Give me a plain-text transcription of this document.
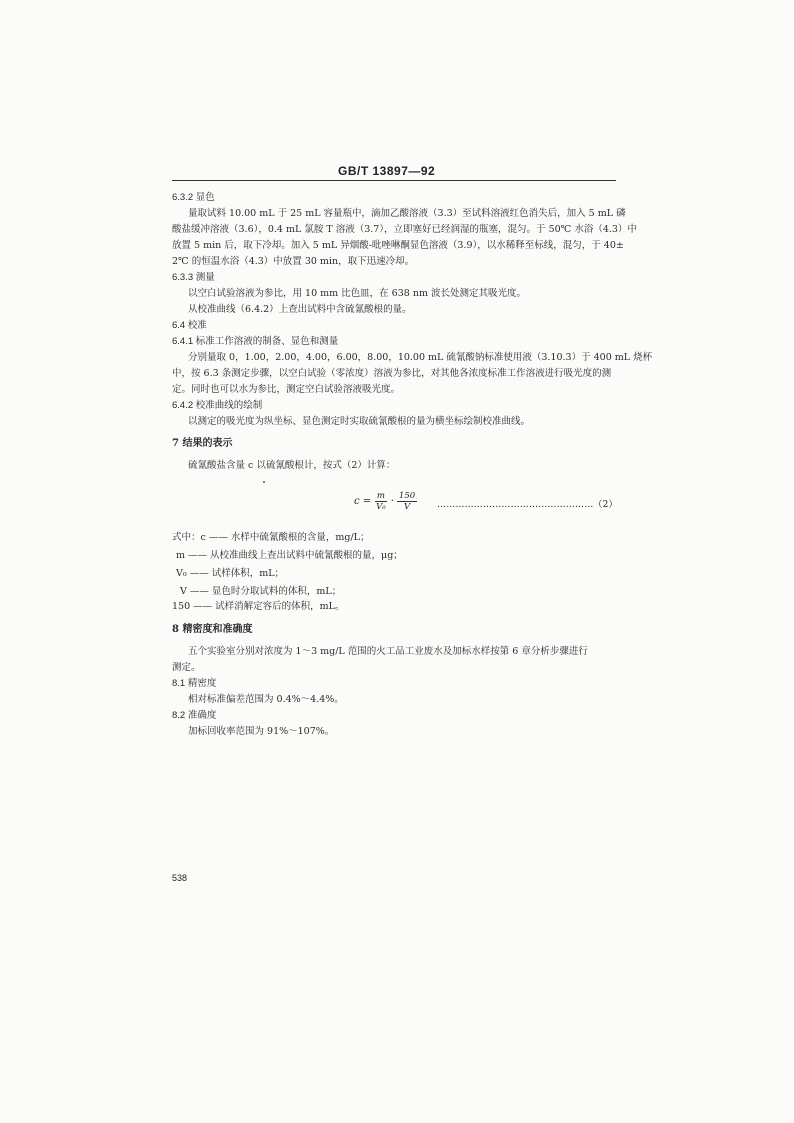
GB/T 13897—92
6.3.2 显色
量取试料 10.00 mL 于 25 mL 容量瓶中，滴加乙酸溶液（3.3）至试料溶液红色消失后，加入 5 mL 磷
酸盐缓冲溶液（3.6），0.4 mL 氯胺 T 溶液（3.7），立即塞好已经润湿的瓶塞，混匀。于 50℃ 水浴（4.3）中
放置 5 min 后，取下冷却。加入 5 mL 异烟酸-吡唑啉酮显色溶液（3.9），以水稀释至标线，混匀，于 40±
2℃ 的恒温水浴（4.3）中放置 30 min，取下迅速冷却。
6.3.3 测量
以空白试验溶液为参比，用 10 mm 比色皿，在 638 nm 波长处测定其吸光度。
从校准曲线（6.4.2）上查出试料中含硫氰酸根的量。
6.4 校准
6.4.1 标准工作溶液的制备、显色和测量
分别量取 0，1.00，2.00，4.00，6.00，8.00，10.00 mL 硫氰酸钠标准使用液（3.10.3）于 400 mL 烧杯
中，按 6.3 条测定步骤，以空白试验（零浓度）溶液为参比，对其他各浓度标准工作溶液进行吸光度的测
定。同时也可以水为参比，测定空白试验溶液吸光度。
6.4.2 校准曲线的绘制
以测定的吸光度为纵坐标、显色测定时实取硫氰酸根的量为横坐标绘制校准曲线。
7 结果的表示
硫氰酸盐含量 c 以硫氰酸根计，按式（2）计算：
$c = \frac{m}{\text{V₀}} \cdot \frac{150}{V}$ ……………………………………………（2）
式中：c —— 水样中硫氰酸根的含量，mg/L；
m —— 从校准曲线上查出试料中硫氰酸根的量，μg；
V₀ —— 试样体积，mL；
V —— 显色时分取试料的体积，mL；
150 —— 试样消解定容后的体积，mL。
8 精密度和准确度
五个实验室分别对浓度为 1～3 mg/L 范围的火工品工业废水及加标水样按第 6 章分析步骤进行
测定。
8.1 精密度
相对标准偏差范围为 0.4%～4.4%。
8.2 准确度
加标回收率范围为 91%～107%。
538
